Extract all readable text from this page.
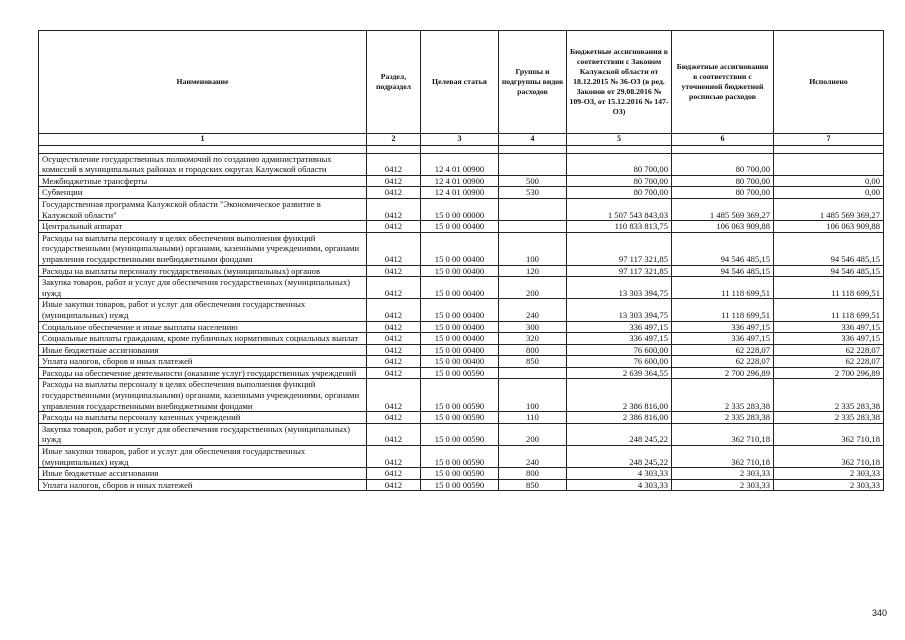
Наименование	Раздел, подраздел	Целевая статья	Группы и подгруппы видов расходов	Бюджетные ассигнования в соответствии с Законом Калужской области от 18.12.2015 № 36-ОЗ (в ред. Законов от 29.08.2016 № 109-ОЗ, от 15.12.2016 № 147-ОЗ)	Бюджетные ассигнования в соответствии с уточненной бюджетной росписью расходов	Исполнено
1	2	3	4	5	6	7

Осуществление государственных полномочий по созданию административных комиссий в муниципальных районах и городских округах Калужской области	0412	12 4 01 00900		80 700,00	80 700,00	
Межбюджетные трансферты	0412	12 4 01 00900	500	80 700,00	80 700,00	0,00
Субвенции	0412	12 4 01 00900	530	80 700,00	80 700,00	0,00
Государственная программа Калужской области "Экономическое развитие в Калужской области"	0412	15 0 00 00000		1 507 543 843,03	1 485 569 369,27	1 485 569 369,27
Центральный аппарат	0412	15 0 00 00400		110 833 813,75	106 063 909,88	106 063 909,88
Расходы на выплаты персоналу в целях обеспечения выполнения функций государственными (муниципальными) органами, казенными учреждениями, органами управления государственными внебюджетными фондами	0412	15 0 00 00400	100	97 117 321,85	94 546 485,15	94 546 485,15
Расходы на выплаты персоналу государственных (муниципальных) органов	0412	15 0 00 00400	120	97 117 321,85	94 546 485,15	94 546 485,15
Закупка товаров, работ и услуг для обеспечения государственных (муниципальных) нужд	0412	15 0 00 00400	200	13 303 394,75	11 118 699,51	11 118 699,51
Иные закупки товаров, работ и услуг для обеспечения государственных (муниципальных) нужд	0412	15 0 00 00400	240	13 303 394,75	11 118 699,51	11 118 699,51
Социальное обеспечение и иные выплаты населению	0412	15 0 00 00400	300	336 497,15	336 497,15	336 497,15
Социальные выплаты гражданам, кроме публичных нормативных социальных выплат	0412	15 0 00 00400	320	336 497,15	336 497,15	336 497,15
Иные бюджетные ассигнования	0412	15 0 00 00400	800	76 600,00	62 228,07	62 228,07
Уплата налогов, сборов и иных платежей	0412	15 0 00 00400	850	76 600,00	62 228,07	62 228,07
Расходы на обеспечение деятельности (оказание услуг) государственных учреждений	0412	15 0 00 00590		2 639 364,55	2 700 296,89	2 700 296,89
Расходы на выплаты персоналу в целях обеспечения выполнения функций государственными (муниципальными) органами, казенными учреждениями, органами управления государственными внебюджетными фондами	0412	15 0 00 00590	100	2 386 816,00	2 335 283,38	2 335 283,38
Расходы на выплаты персоналу казенных учреждений	0412	15 0 00 00590	110	2 386 816,00	2 335 283,38	2 335 283,38
Закупка товаров, работ и услуг для обеспечения государственных (муниципальных) нужд	0412	15 0 00 00590	200	248 245,22	362 710,18	362 710,18
Иные закупки товаров, работ и услуг для обеспечения государственных (муниципальных) нужд	0412	15 0 00 00590	240	248 245,22	362 710,18	362 710,18
Иные бюджетные ассигнования	0412	15 0 00 00590	800	4 303,33	2 303,33	2 303,33
Уплата налогов, сборов и иных платежей	0412	15 0 00 00590	850	4 303,33	2 303,33	2 303,33
340
